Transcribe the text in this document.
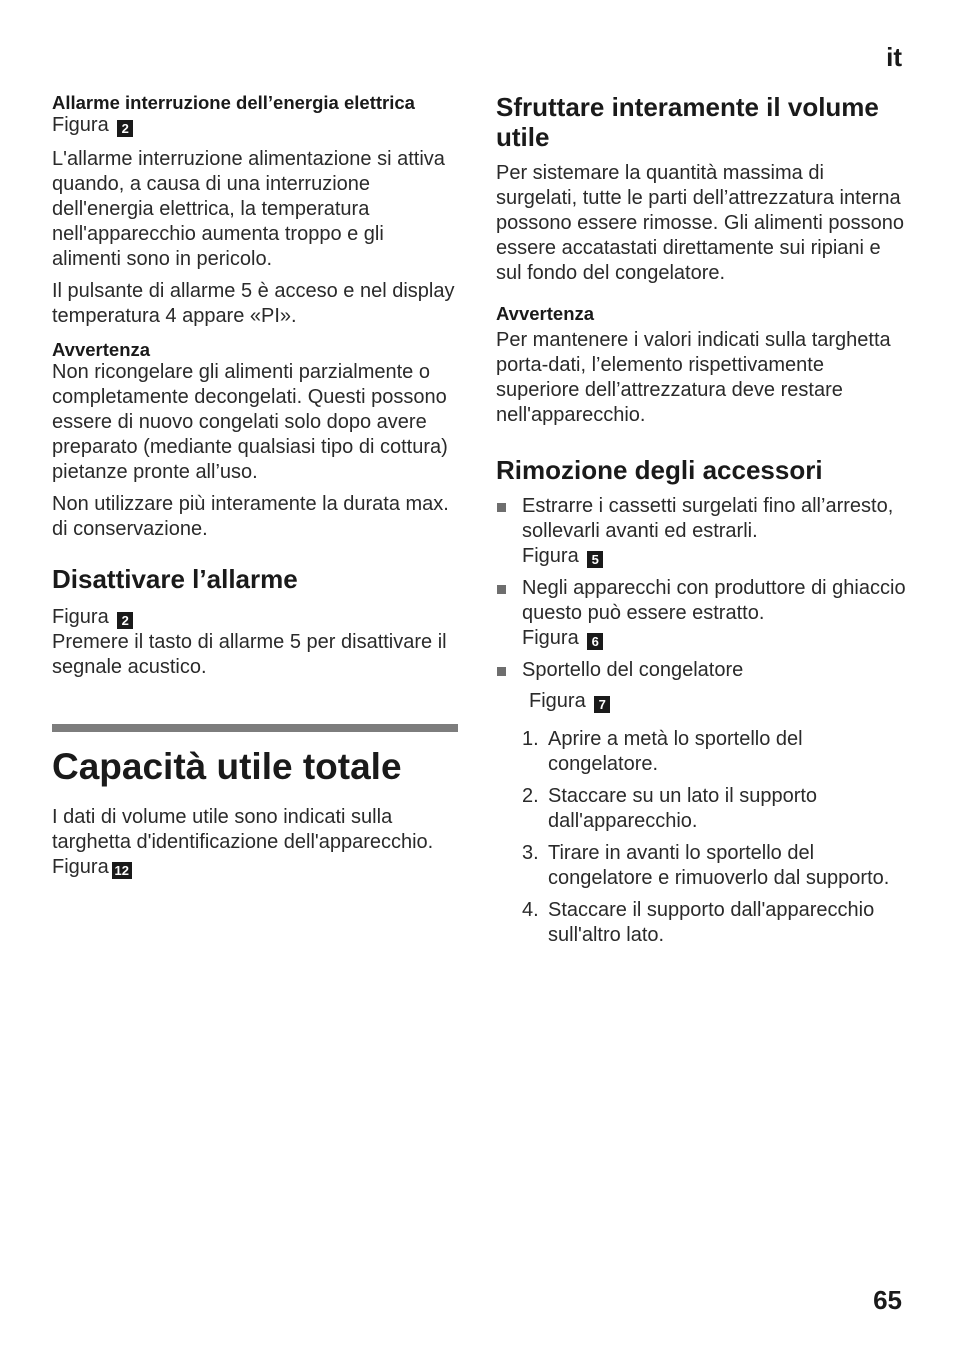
it
Allarme interruzione dell’energia elettrica

Figura 2

L'allarme interruzione alimentazione si attiva quando, a causa di una interruzione dell'energia elettrica, la temperatura nell'apparecchio aumenta troppo e gli alimenti sono in pericolo.

Il pulsante di allarme 5 è acceso e nel display temperatura 4 appare «PI».

Avvertenza

Non ricongelare gli alimenti parzialmente o completamente decongelati. Questi possono essere di nuovo congelati solo dopo avere preparato (mediante qualsiasi tipo di cottura) pietanze pronte all’uso.

Non utilizzare più interamente la durata max. di conservazione.

Disattivare l’allarme

Figura 2

Premere il tasto di allarme 5 per disattivare il segnale acustico.

Capacità utile totale

I dati di volume utile sono indicati sulla targhetta d'identificazione dell'apparecchio. Figura 12

Sfruttare interamente il volume utile

Per sistemare la quantità massima di surgelati, tutte le parti dell’attrezzatura interna possono essere rimosse. Gli alimenti possono essere accatastati direttamente sui ripiani e sul fondo del congelatore.

Avvertenza

Per mantenere i valori indicati sulla targhetta porta-dati, l’elemento rispettivamente superiore dell’attrezzatura deve restare nell'apparecchio.

Rimozione degli accessori
Estrarre i cassetti surgelati fino all’arresto, sollevarli avanti ed estrarli.
Figura 5
Negli apparecchi con produttore di ghiaccio questo può essere estratto.
Figura 6
Sportello del congelatore
Figura 7
1. Aprire a metà lo sportello del congelatore.
2. Staccare su un lato il supporto dall'apparecchio.
3. Tirare in avanti lo sportello del congelatore e rimuoverlo dal supporto.
4. Staccare il supporto dall'apparecchio sull'altro lato.
65
